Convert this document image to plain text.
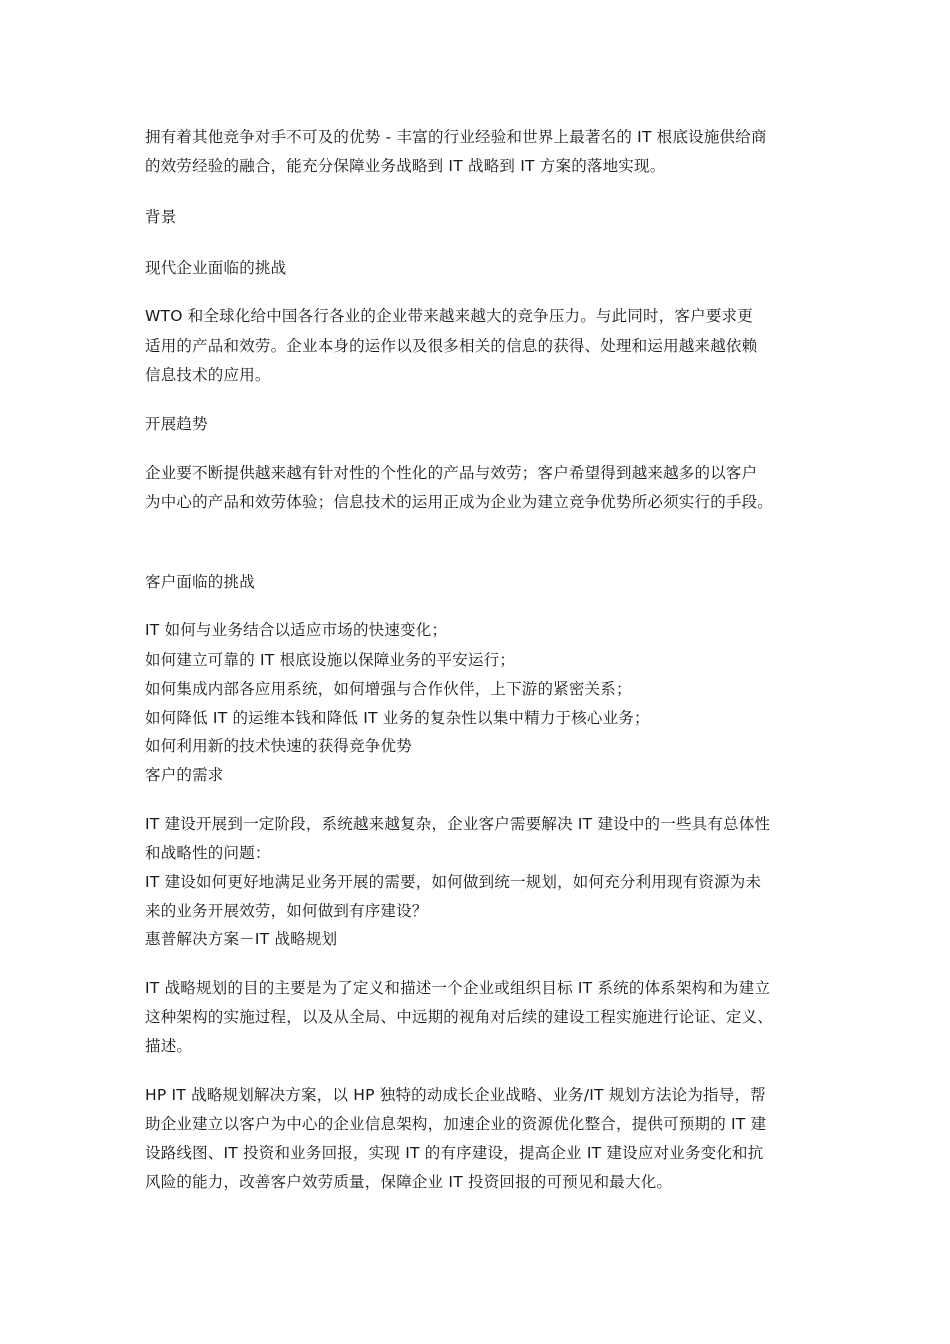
拥有着其他竞争对手不可及的优势 - 丰富的行业经验和世界上最著名的 IT 根底设施供给商
的效劳经验的融合，能充分保障业务战略到 IT 战略到 IT 方案的落地实现。
背景
现代企业面临的挑战
WTO 和全球化给中国各行各业的企业带来越来越大的竞争压力。与此同时，客户要求更
适用的产品和效劳。企业本身的运作以及很多相关的信息的获得、处理和运用越来越依赖
信息技术的应用。
开展趋势
企业要不断提供越来越有针对性的个性化的产品与效劳；客户希望得到越来越多的以客户
为中心的产品和效劳体验；信息技术的运用正成为企业为建立竞争优势所必须实行的手段。
客户面临的挑战
IT 如何与业务结合以适应市场的快速变化；
如何建立可靠的 IT 根底设施以保障业务的平安运行；
如何集成内部各应用系统，如何增强与合作伙伴，上下游的紧密关系；
如何降低 IT 的运维本钱和降低 IT 业务的复杂性以集中精力于核心业务；
如何利用新的技术快速的获得竞争优势
客户的需求
IT 建设开展到一定阶段，系统越来越复杂，企业客户需要解决 IT 建设中的一些具有总体性
和战略性的问题：
IT 建设如何更好地满足业务开展的需要，如何做到统一规划，如何充分利用现有资源为未
来的业务开展效劳，如何做到有序建设？
惠普解决方案－IT 战略规划
IT 战略规划的目的主要是为了定义和描述一个企业或组织目标 IT 系统的体系架构和为建立
这种架构的实施过程，以及从全局、中远期的视角对后续的建设工程实施进行论证、定义、
描述。
HP IT 战略规划解决方案，以 HP 独特的动成长企业战略、业务/IT 规划方法论为指导，帮
助企业建立以客户为中心的企业信息架构，加速企业的资源优化整合，提供可预期的 IT 建
设路线图、IT 投资和业务回报，实现 IT 的有序建设，提高企业 IT 建设应对业务变化和抗
风险的能力，改善客户效劳质量，保障企业 IT 投资回报的可预见和最大化。
